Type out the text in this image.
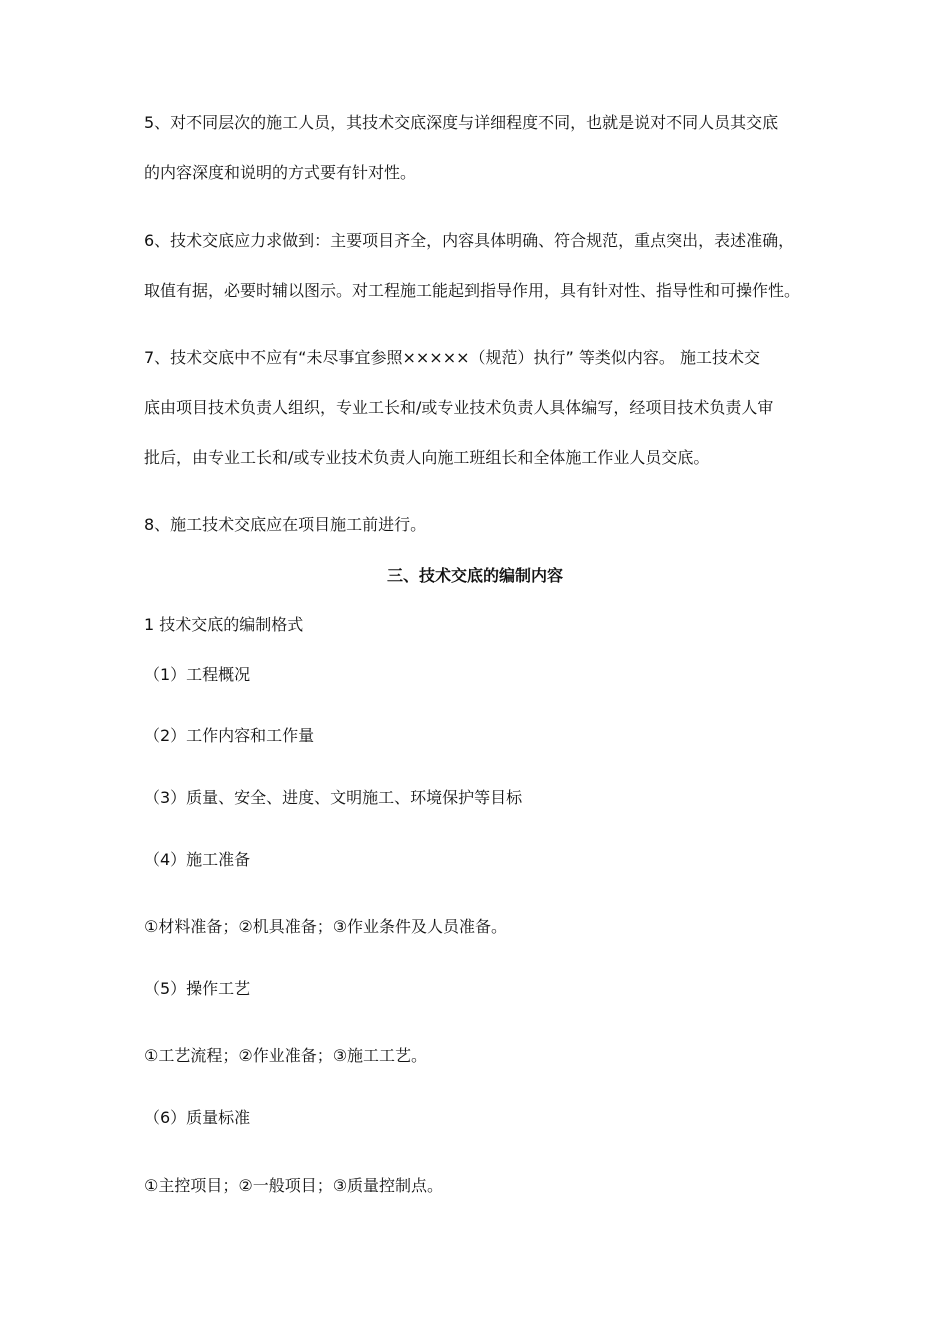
5、对不同层次的施工人员，其技术交底深度与详细程度不同，也就是说对不同人员其交底
的内容深度和说明的方式要有针对性。
6、技术交底应力求做到：主要项目齐全，内容具体明确、符合规范，重点突出，表述准确，
取值有据，必要时辅以图示。对工程施工能起到指导作用，具有针对性、指导性和可操作性。
7、技术交底中不应有“未尽事宜参照×××××（规范）执行” 等类似内容。 施工技术交
底由项目技术负责人组织，专业工长和/或专业技术负责人具体编写，经项目技术负责人审
批后，由专业工长和/或专业技术负责人向施工班组长和全体施工作业人员交底。
8、施工技术交底应在项目施工前进行。
三、技术交底的编制内容
1 技术交底的编制格式
（1）工程概况
（2）工作内容和工作量
（3）质量、安全、进度、文明施工、环境保护等目标
（4）施工准备
①材料准备；②机具准备；③作业条件及人员准备。
（5）操作工艺
①工艺流程；②作业准备；③施工工艺。
（6）质量标准
①主控项目；②一般项目；③质量控制点。
